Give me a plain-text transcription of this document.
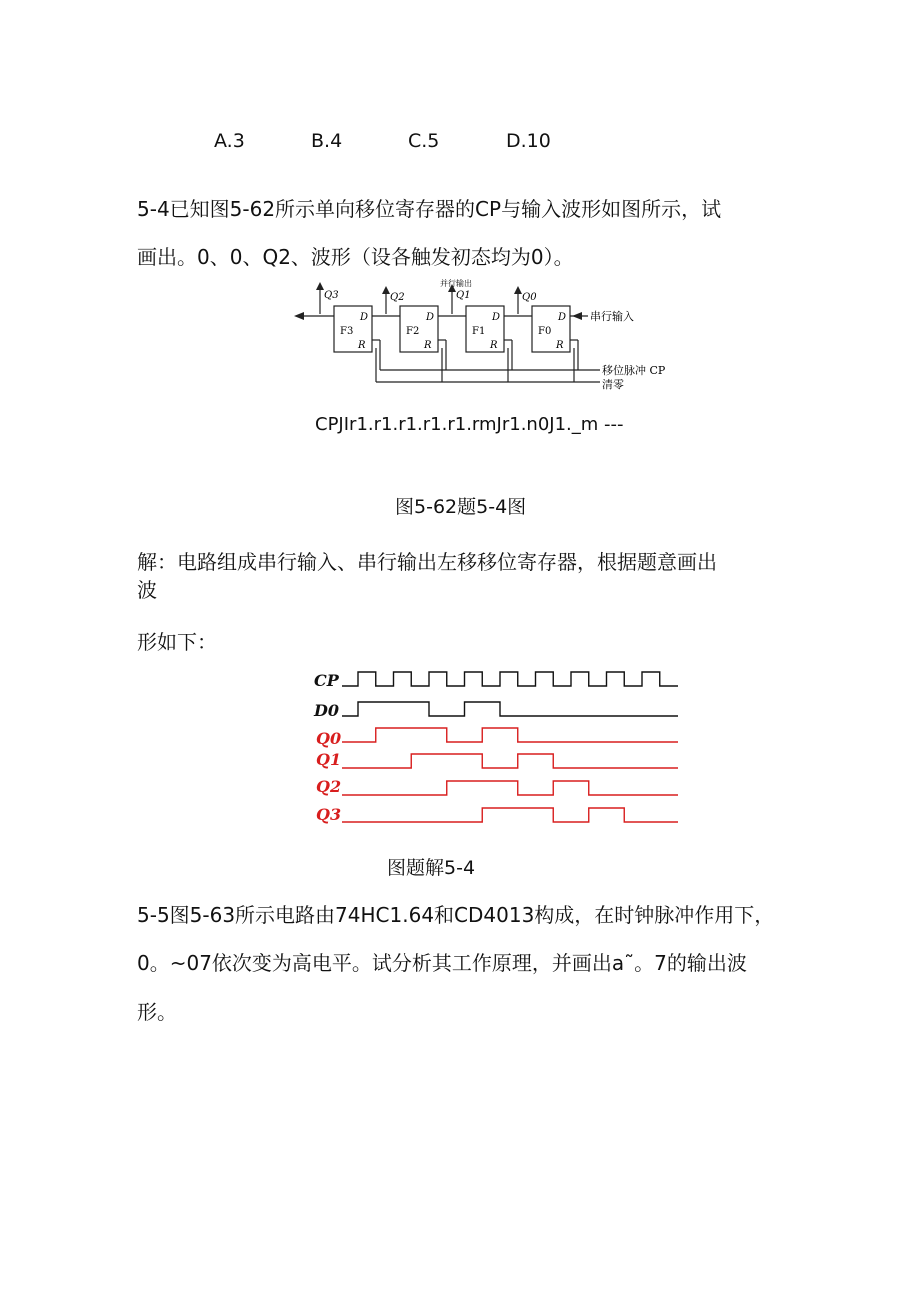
A.3	B.4	C.5	D.10
5-4已知图5-62所示单向移位寄存器的CP与输入波形如图所示，试
画出。0、0、Q2、波形（设各触发初态均为0）。
Q3	Q2	Q1	Q0
并行输出
F3	F2	F1	F0
D	D	D	D
R	R	R	R
串行输入
移位脉冲 CP
清零
CPJIr1.r1.r1.r1.r1.rmJr1.n0J1._m ---
图5-62题5-4图
解：电路组成串行输入、串行输出左移移位寄存器，根据题意画出
波
形如下：
CP
D0
Q0
Q1
Q2
Q3
图题解5-4
5-5图5-63所示电路由74HC1.64和CD4013构成，在时钟脉冲作用下，
0。~07依次变为高电平。试分析其工作原理，并画出a˜。7的输出波
形。
